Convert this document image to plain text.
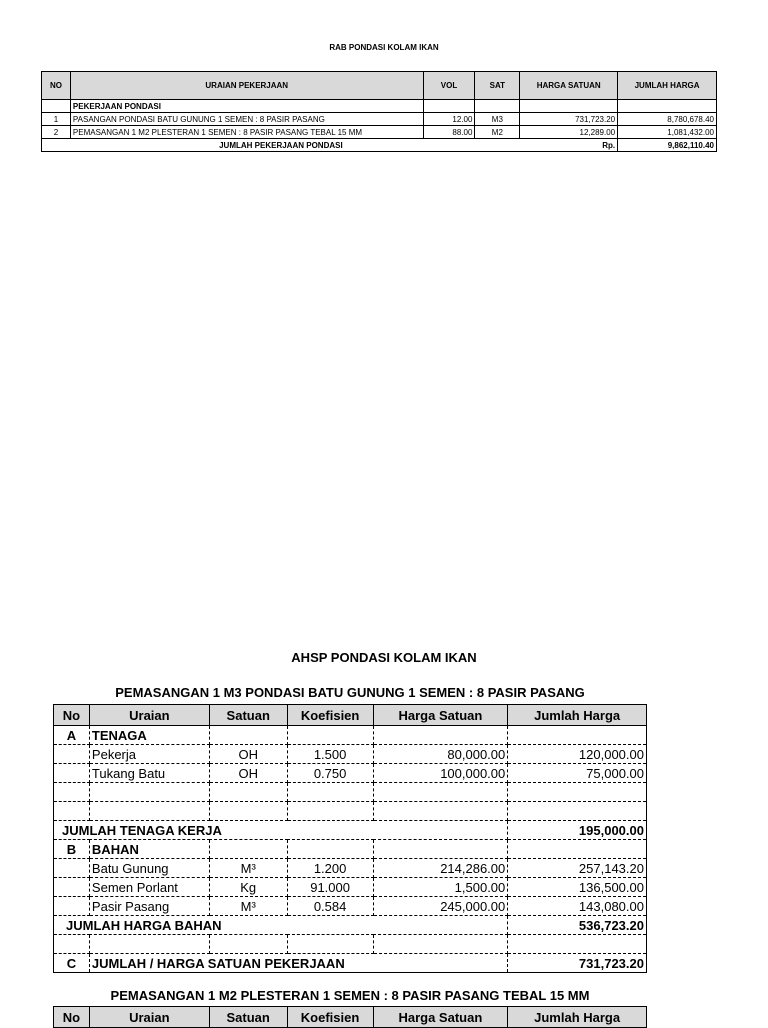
RAB PONDASI KOLAM IKAN
NO	URAIAN PEKERJAAN	VOL	SAT	HARGA SATUAN	JUMLAH HARGA
	PEKERJAAN PONDASI				
1	PASANGAN PONDASI BATU GUNUNG 1 SEMEN : 8 PASIR PASANG	12.00	M3	731,723.20	8,780,678.40
2	PEMASANGAN 1 M2 PLESTERAN 1 SEMEN : 8 PASIR PASANG TEBAL 15 MM	88.00	M2	12,289.00	1,081,432.00
JUMLAH PEKERJAAN PONDASI				Rp.	9,862,110.40
AHSP PONDASI KOLAM IKAN
PEMASANGAN 1 M3 PONDASI BATU GUNUNG 1 SEMEN : 8 PASIR PASANG
No	Uraian	Satuan	Koefisien	Harga Satuan	Jumlah Harga
A	TENAGA				
	Pekerja	OH	1.500	80,000.00	120,000.00
	Tukang Batu	OH	0.750	100,000.00	75,000.00

JUMLAH TENAGA KERJA					195,000.00
B	BAHAN				
	Batu Gunung	M³	1.200	214,286.00	257,143.20
	Semen Porlant	Kg	91.000	1,500.00	136,500.00
	Pasir Pasang	M³	0.584	245,000.00	143,080.00
JUMLAH HARGA BAHAN					536,723.20

C	JUMLAH / HARGA SATUAN PEKERJAAN				731,723.20
PEMASANGAN 1 M2 PLESTERAN 1 SEMEN : 8 PASIR PASANG TEBAL 15 MM
No	Uraian	Satuan	Koefisien	Harga Satuan	Jumlah Harga
